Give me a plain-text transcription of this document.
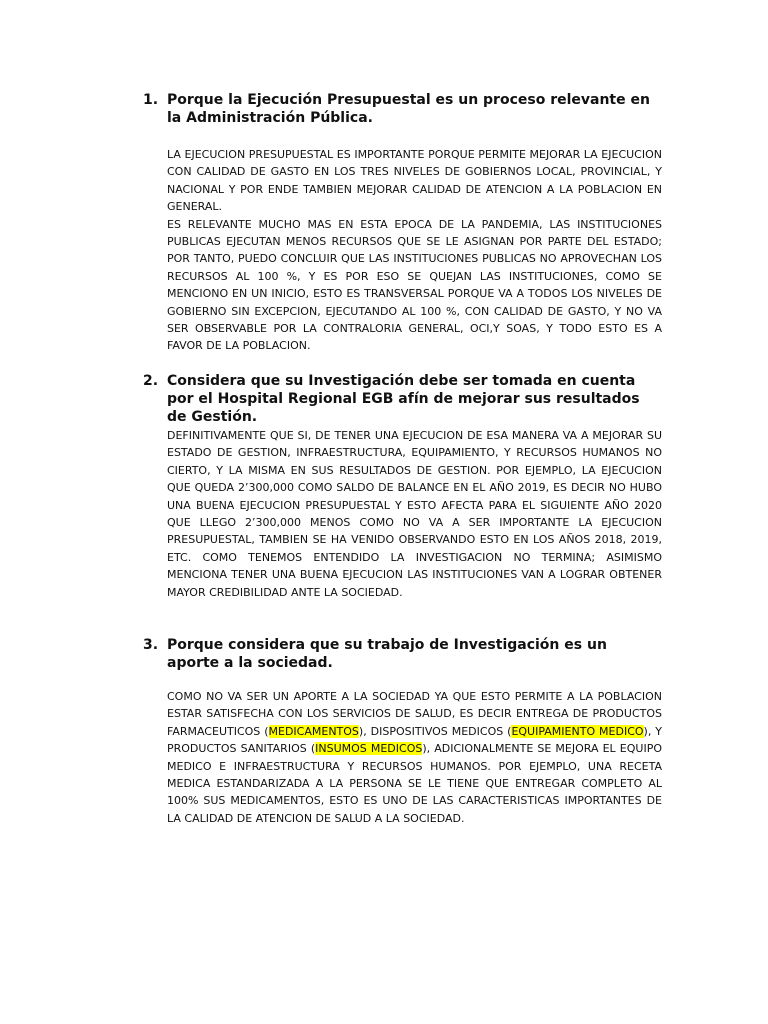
1. Porque la Ejecución Presupuestal es un proceso relevante en la Administración Pública.

LA EJECUCION PRESUPUESTAL ES IMPORTANTE PORQUE PERMITE MEJORAR LA EJECUCION CON CALIDAD DE GASTO EN LOS TRES NIVELES DE GOBIERNOS LOCAL, PROVINCIAL, Y NACIONAL Y POR ENDE TAMBIEN MEJORAR CALIDAD DE ATENCION A LA POBLACION EN GENERAL.

ES RELEVANTE MUCHO MAS EN ESTA EPOCA DE LA PANDEMIA, LAS INSTITUCIONES PUBLICAS EJECUTAN MENOS RECURSOS QUE SE LE ASIGNAN POR PARTE DEL ESTADO; POR TANTO, PUEDO CONCLUIR QUE LAS INSTITUCIONES PUBLICAS NO APROVECHAN LOS RECURSOS AL 100 %, Y ES POR ESO SE QUEJAN LAS INSTITUCIONES, COMO SE MENCIONO EN UN INICIO, ESTO ES TRANSVERSAL PORQUE VA A TODOS LOS NIVELES DE GOBIERNO SIN EXCEPCION, EJECUTANDO AL 100 %, CON CALIDAD DE GASTO, Y NO VA SER OBSERVABLE POR LA CONTRALORIA GENERAL, OCI,Y SOAS, Y TODO ESTO ES A FAVOR DE LA POBLACION.

2. Considera que su Investigación debe ser tomada en cuenta por el Hospital Regional EGB afín de mejorar sus resultados de Gestión.

DEFINITIVAMENTE QUE SI, DE TENER UNA EJECUCION DE ESA MANERA VA A MEJORAR SU ESTADO DE GESTION, INFRAESTRUCTURA, EQUIPAMIENTO, Y RECURSOS HUMANOS NO CIERTO, Y LA MISMA EN SUS RESULTADOS DE GESTION. POR EJEMPLO, LA EJECUCION QUE QUEDA 2’300,000 COMO SALDO DE BALANCE EN EL AÑO 2019, ES DECIR NO HUBO UNA BUENA EJECUCION PRESUPUESTAL Y ESTO AFECTA PARA EL SIGUIENTE AÑO 2020 QUE LLEGO 2’300,000 MENOS COMO NO VA A SER IMPORTANTE LA EJECUCION PRESUPUESTAL, TAMBIEN SE HA VENIDO OBSERVANDO ESTO EN LOS AÑOS 2018, 2019, ETC. COMO TENEMOS ENTENDIDO LA INVESTIGACION NO TERMINA; ASIMISMO MENCIONA TENER UNA BUENA EJECUCION LAS INSTITUCIONES VAN A LOGRAR OBTENER MAYOR CREDIBILIDAD ANTE LA SOCIEDAD.

3. Porque considera que su trabajo de Investigación es un aporte a la sociedad.

COMO NO VA SER UN APORTE A LA SOCIEDAD YA QUE ESTO PERMITE A LA POBLACION ESTAR SATISFECHA CON LOS SERVICIOS DE SALUD, ES DECIR ENTREGA DE PRODUCTOS FARMACEUTICOS (MEDICAMENTOS), DISPOSITIVOS MEDICOS (EQUIPAMIENTO MEDICO), Y PRODUCTOS SANITARIOS (INSUMOS MEDICOS), ADICIONALMENTE SE MEJORA EL EQUIPO MEDICO E INFRAESTRUCTURA Y RECURSOS HUMANOS. POR EJEMPLO, UNA RECETA MEDICA ESTANDARIZADA A LA PERSONA SE LE TIENE QUE ENTREGAR COMPLETO AL 100% SUS MEDICAMENTOS, ESTO ES UNO DE LAS CARACTERISTICAS IMPORTANTES DE LA CALIDAD DE ATENCION DE SALUD A LA SOCIEDAD.
